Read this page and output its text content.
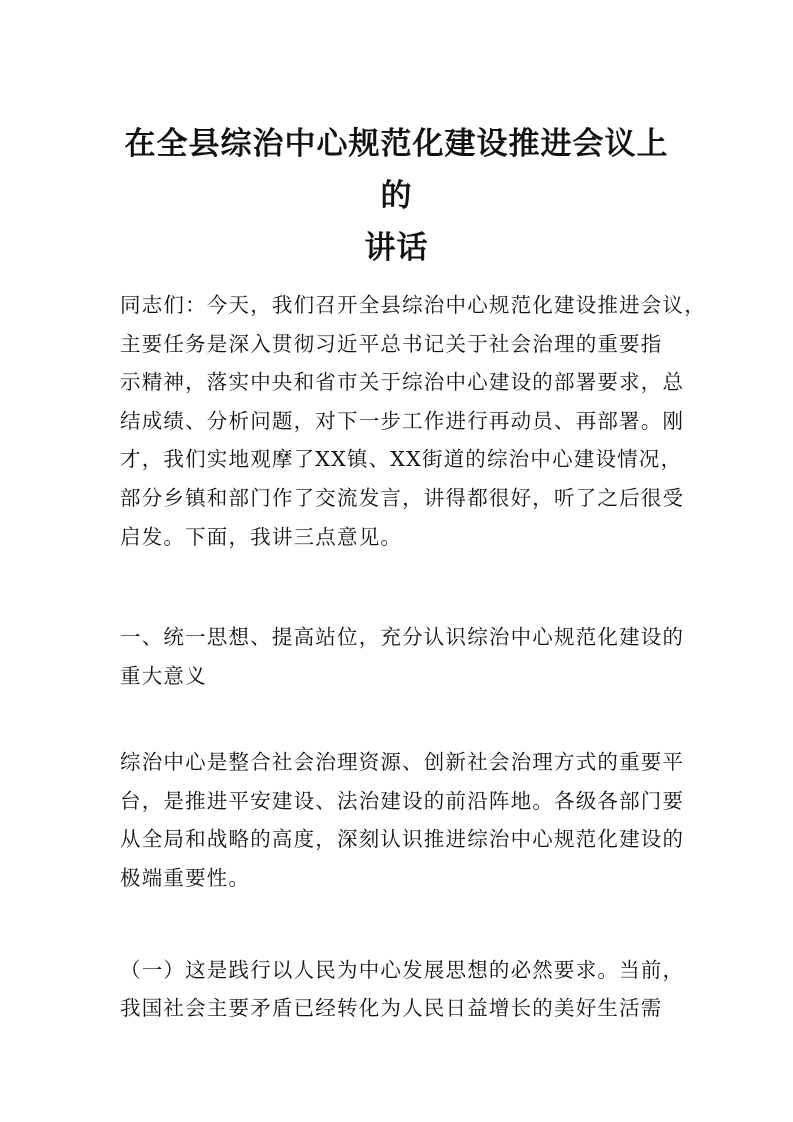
在全县综治中心规范化建设推进会议上的
讲话

同志们：今天，我们召开全县综治中心规范化建设推进会议，
主要任务是深入贯彻习近平总书记关于社会治理的重要指
示精神，落实中央和省市关于综治中心建设的部署要求，总
结成绩、分析问题，对下一步工作进行再动员、再部署。刚
才，我们实地观摩了XX镇、XX街道的综治中心建设情况，
部分乡镇和部门作了交流发言，讲得都很好，听了之后很受
启发。下面，我讲三点意见。

一、统一思想、提高站位，充分认识综治中心规范化建设的
重大意义

综治中心是整合社会治理资源、创新社会治理方式的重要平
台，是推进平安建设、法治建设的前沿阵地。各级各部门要
从全局和战略的高度，深刻认识推进综治中心规范化建设的
极端重要性。

（一）这是践行以人民为中心发展思想的必然要求。当前，

我国社会主要矛盾已经转化为人民日益增长的美好生活需
